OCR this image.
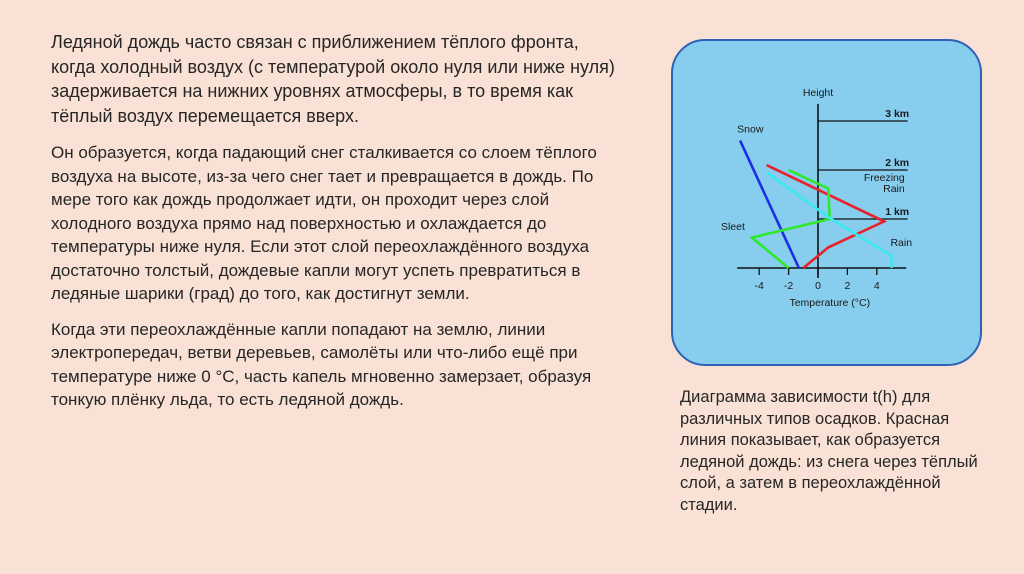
Ледяной дождь часто связан с приближением тёплого фронта, когда холодный воздух (с температурой около нуля или ниже нуля) задерживается на нижних уровнях атмосферы, в то время как тёплый воздух перемещается вверх.

Он образуется, когда падающий снег сталкивается со слоем тёплого воздуха на высоте, из-за чего снег тает и превращается в дождь. По мере того как дождь продолжает идти, он проходит через слой холодного воздуха прямо над поверхностью и охлаждается до температуры ниже нуля. Если этот слой переохлаждённого воздуха достаточно толстый, дождевые капли могут успеть превратиться в ледяные шарики (град) до того, как достигнут земли.

Когда эти переохлаждённые капли попадают на землю, линии электропередач, ветви деревьев, самолёты или что-либо ещё при температуре ниже 0 °C, часть капель мгновенно замерзает, образуя тонкую плёнку льда, то есть ледяной дождь.

3 km
2 km
1 km
Height
-4 -2 0 2 4
Temperature (°C)
Snow
Freezing
Rain
Sleet
Rain

Диаграмма зависимости t(h) для различных типов осадков. Красная линия показывает, как образуется ледяной дождь: из снега через тёплый слой, а затем в переохлаждённой стадии.
